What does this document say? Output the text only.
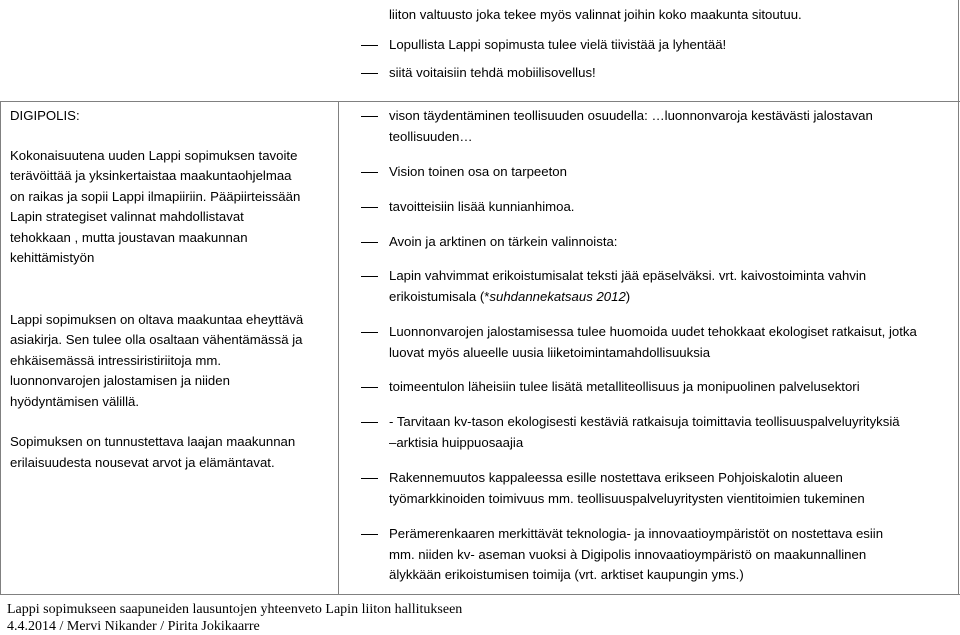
liiton valtuusto joka tekee myös valinnat joihin koko maakunta sitoutuu.
Lopullista Lappi sopimusta tulee vielä tiivistää ja lyhentää!
siitä voitaisiin tehdä mobiilisovellus!
DIGIPOLIS:
Kokonaisuutena uuden Lappi sopimuksen tavoite
terävöittää ja yksinkertaistaa maakuntaohjelmaa
on raikas ja sopii Lappi ilmapiiriin. Pääpiirteissään
Lapin strategiset valinnat mahdollistavat
tehokkaan , mutta joustavan maakunnan
kehittämistyön
Lappi sopimuksen on oltava maakuntaa eheyttävä
asiakirja. Sen tulee olla osaltaan vähentämässä ja
ehkäisemässä intressiristiriitoja mm.
luonnonvarojen jalostamisen ja niiden
hyödyntämisen välillä.
Sopimuksen on tunnustettava laajan maakunnan
erilaisuudesta nousevat arvot ja elämäntavat.
vison täydentäminen teollisuuden osuudella: …luonnonvaroja kestävästi jalostavan
teollisuuden…
Vision toinen osa on tarpeeton
tavoitteisiin lisää kunnianhimoa.
Avoin ja arktinen on tärkein valinnoista:
Lapin vahvimmat erikoistumisalat teksti jää epäselväksi. vrt. kaivostoiminta vahvin
erikoistumisala (*suhdannekatsaus 2012)
Luonnonvarojen jalostamisessa tulee huomoida uudet tehokkaat ekologiset ratkaisut, jotka
luovat myös alueelle uusia liiketoimintamahdollisuuksia
toimeentulon läheisiin tulee lisätä metalliteollisuus ja monipuolinen palvelusektori
- Tarvitaan kv-tason ekologisesti kestäviä ratkaisuja toimittavia teollisuuspalveluyrityksiä
–arktisia huippuosaajia
Rakennemuutos kappaleessa esille nostettava erikseen Pohjoiskalotin alueen
työmarkkinoiden toimivuus mm. teollisuuspalveluyritysten vientitoimien tukeminen
Perämerenkaaren merkittävät teknologia- ja innovaatioympäristöt on nostettava esiin
mm. niiden kv- aseman vuoksi à Digipolis innovaatioympäristö on maakunnallinen
älykkään erikoistumisen toimija (vrt. arktiset kaupungin yms.)
Lappi sopimukseen saapuneiden lausuntojen yhteenveto Lapin liiton hallitukseen
4.4.2014 / Mervi Nikander / Pirita Jokikaarre
